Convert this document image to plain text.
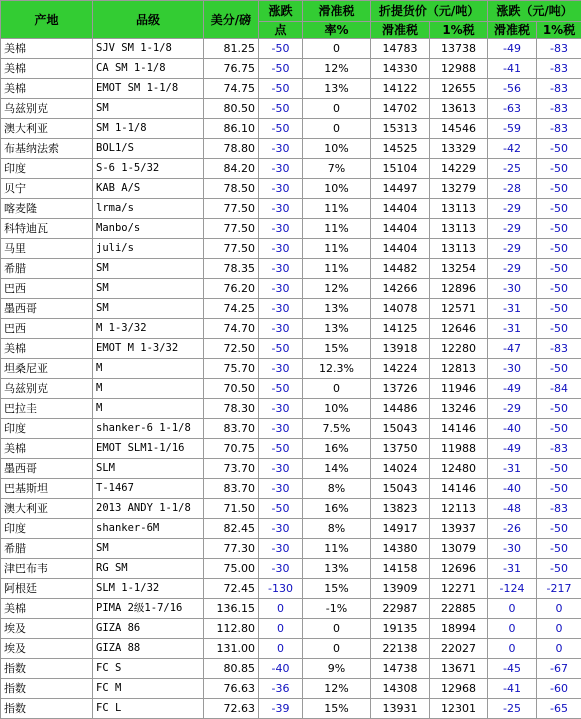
产地	品级	美分/磅	涨跌	滑准税	折提货价（元/吨）		涨跌（元/吨）	
			点	率%	滑准税	1%税	滑准税	1%税
美棉	SJV SM 1-1/8	81.25	-50	0	14783	13738	-49	-83
美棉	CA SM 1-1/8	76.75	-50	12%	14330	12988	-41	-83
美棉	EMOT SM 1-1/8	74.75	-50	13%	14122	12655	-56	-83
乌兹别克	SM	80.50	-50	0	14702	13613	-63	-83
澳大利亚	SM 1-1/8	86.10	-50	0	15313	14546	-59	-83
布基纳法索	BOL1/S	78.80	-30	10%	14525	13329	-42	-50
印度	S-6 1-5/32	84.20	-30	7%	15104	14229	-25	-50
贝宁	KAB A/S	78.50	-30	10%	14497	13279	-28	-50
喀麦隆	lrma/s	77.50	-30	11%	14404	13113	-29	-50
科特迪瓦	Manbo/s	77.50	-30	11%	14404	13113	-29	-50
马里	juli/s	77.50	-30	11%	14404	13113	-29	-50
希腊	SM	78.35	-30	11%	14482	13254	-29	-50
巴西	SM	76.20	-30	12%	14266	12896	-30	-50
墨西哥	SM	74.25	-30	13%	14078	12571	-31	-50
巴西	M 1-3/32	74.70	-30	13%	14125	12646	-31	-50
美棉	EMOT M 1-3/32	72.50	-50	15%	13918	12280	-47	-83
坦桑尼亚	M	75.70	-30	12.3%	14224	12813	-30	-50
乌兹别克	M	70.50	-50	0	13726	11946	-49	-84
巴拉圭	M	78.30	-30	10%	14486	13246	-29	-50
印度	shanker-6 1-1/8	83.70	-30	7.5%	15043	14146	-40	-50
美棉	EMOT SLM1-1/16	70.75	-50	16%	13750	11988	-49	-83
墨西哥	SLM	73.70	-30	14%	14024	12480	-31	-50
巴基斯坦	T-1467	83.70	-30	8%	15043	14146	-40	-50
澳大利亚	2013 ANDY 1-1/8	71.50	-50	16%	13823	12113	-48	-83
印度	shanker-6M	82.45	-30	8%	14917	13937	-26	-50
希腊	SM	77.30	-30	11%	14380	13079	-30	-50
津巴布韦	RG SM	75.00	-30	13%	14158	12696	-31	-50
阿根廷	SLM 1-1/32	72.45	-130	15%	13909	12271	-124	-217
美棉	PIMA 2级1-7/16	136.15	0	-1%	22987	22885	0	0
埃及	GIZA 86	112.80	0	0	19135	18994	0	0
埃及	GIZA 88	131.00	0	0	22138	22027	0	0
指数	FC S	80.85	-40	9%	14738	13671	-45	-67
指数	FC M	76.63	-36	12%	14308	12968	-41	-60
指数	FC L	72.63	-39	15%	13931	12301	-25	-65
